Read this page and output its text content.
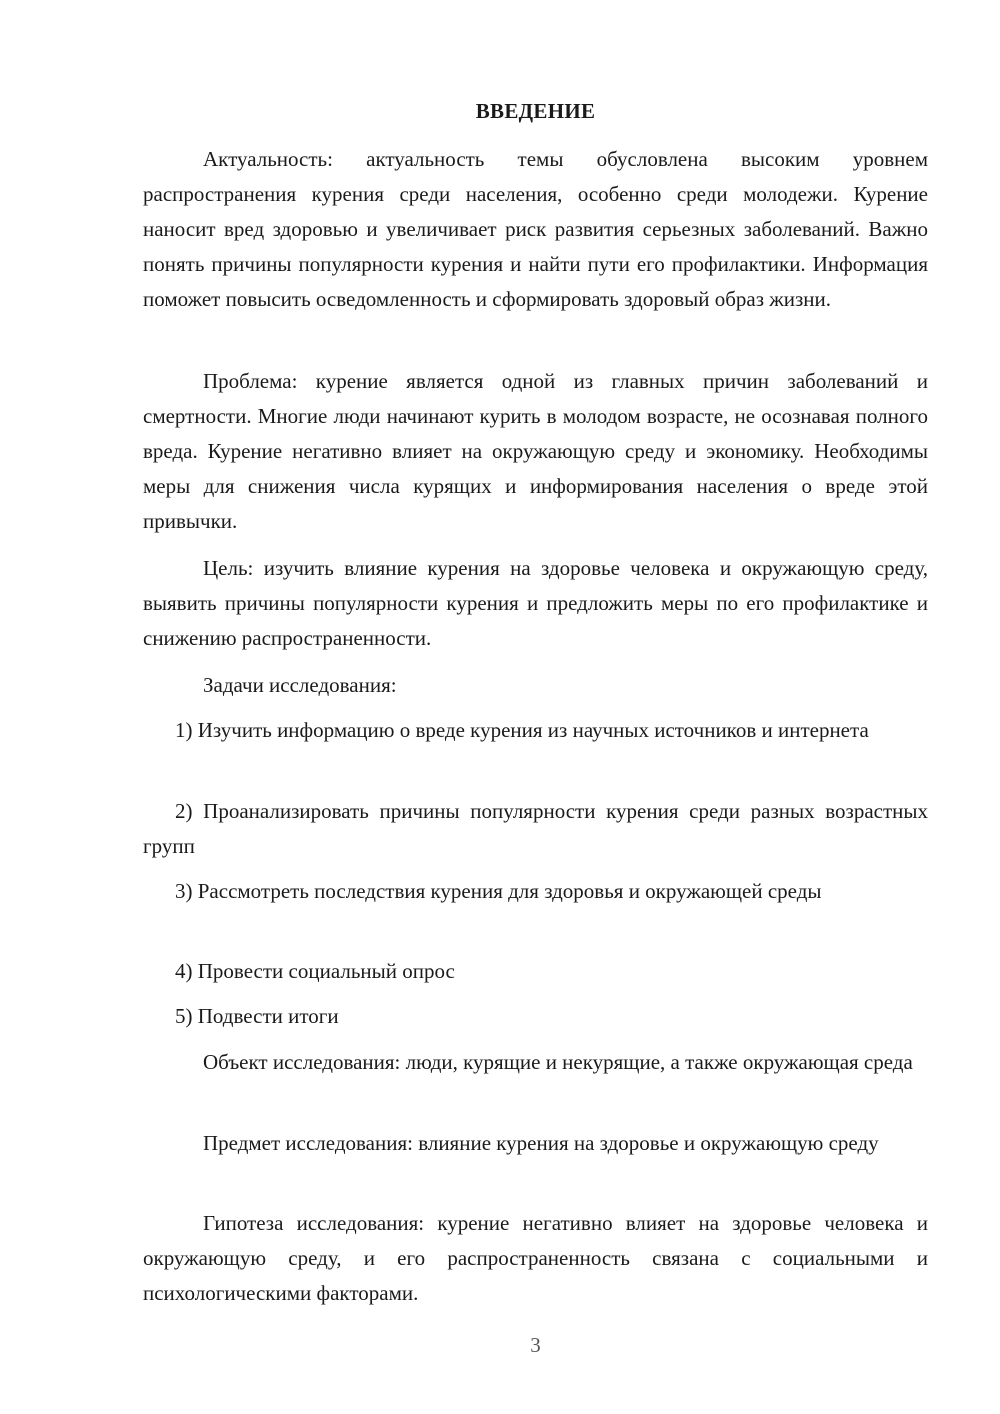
ВВЕДЕНИЕ

Актуальность: актуальность темы обусловлена высоким уровнем распространения курения среди населения, особенно среди молодежи. Курение наносит вред здоровью и увеличивает риск развития серьезных заболеваний. Важно понять причины популярности курения и найти пути его профилактики. Информация поможет повысить осведомленность и сформировать здоровый образ жизни.

Проблема: курение является одной из главных причин заболеваний и смертности. Многие люди начинают курить в молодом возрасте, не осознавая полного вреда. Курение негативно влияет на окружающую среду и экономику. Необходимы меры для снижения числа курящих и информирования населения о вреде этой привычки.

Цель: изучить влияние курения на здоровье человека и окружающую среду, выявить причины популярности курения и предложить меры по его профилактике и снижению распространенности.

Задачи исследования:

1) Изучить информацию о вреде курения из научных источников и интернета

2) Проанализировать причины популярности курения среди разных возрастных групп

3) Рассмотреть последствия курения для здоровья и окружающей среды

4) Провести социальный опрос

5) Подвести итоги

Объект исследования: люди, курящие и некурящие, а также окружающая среда

Предмет исследования: влияние курения на здоровье и окружающую среду

Гипотеза исследования: курение негативно влияет на здоровье человека и окружающую среду, и его распространенность связана с социальными и психологическими факторами.

3
